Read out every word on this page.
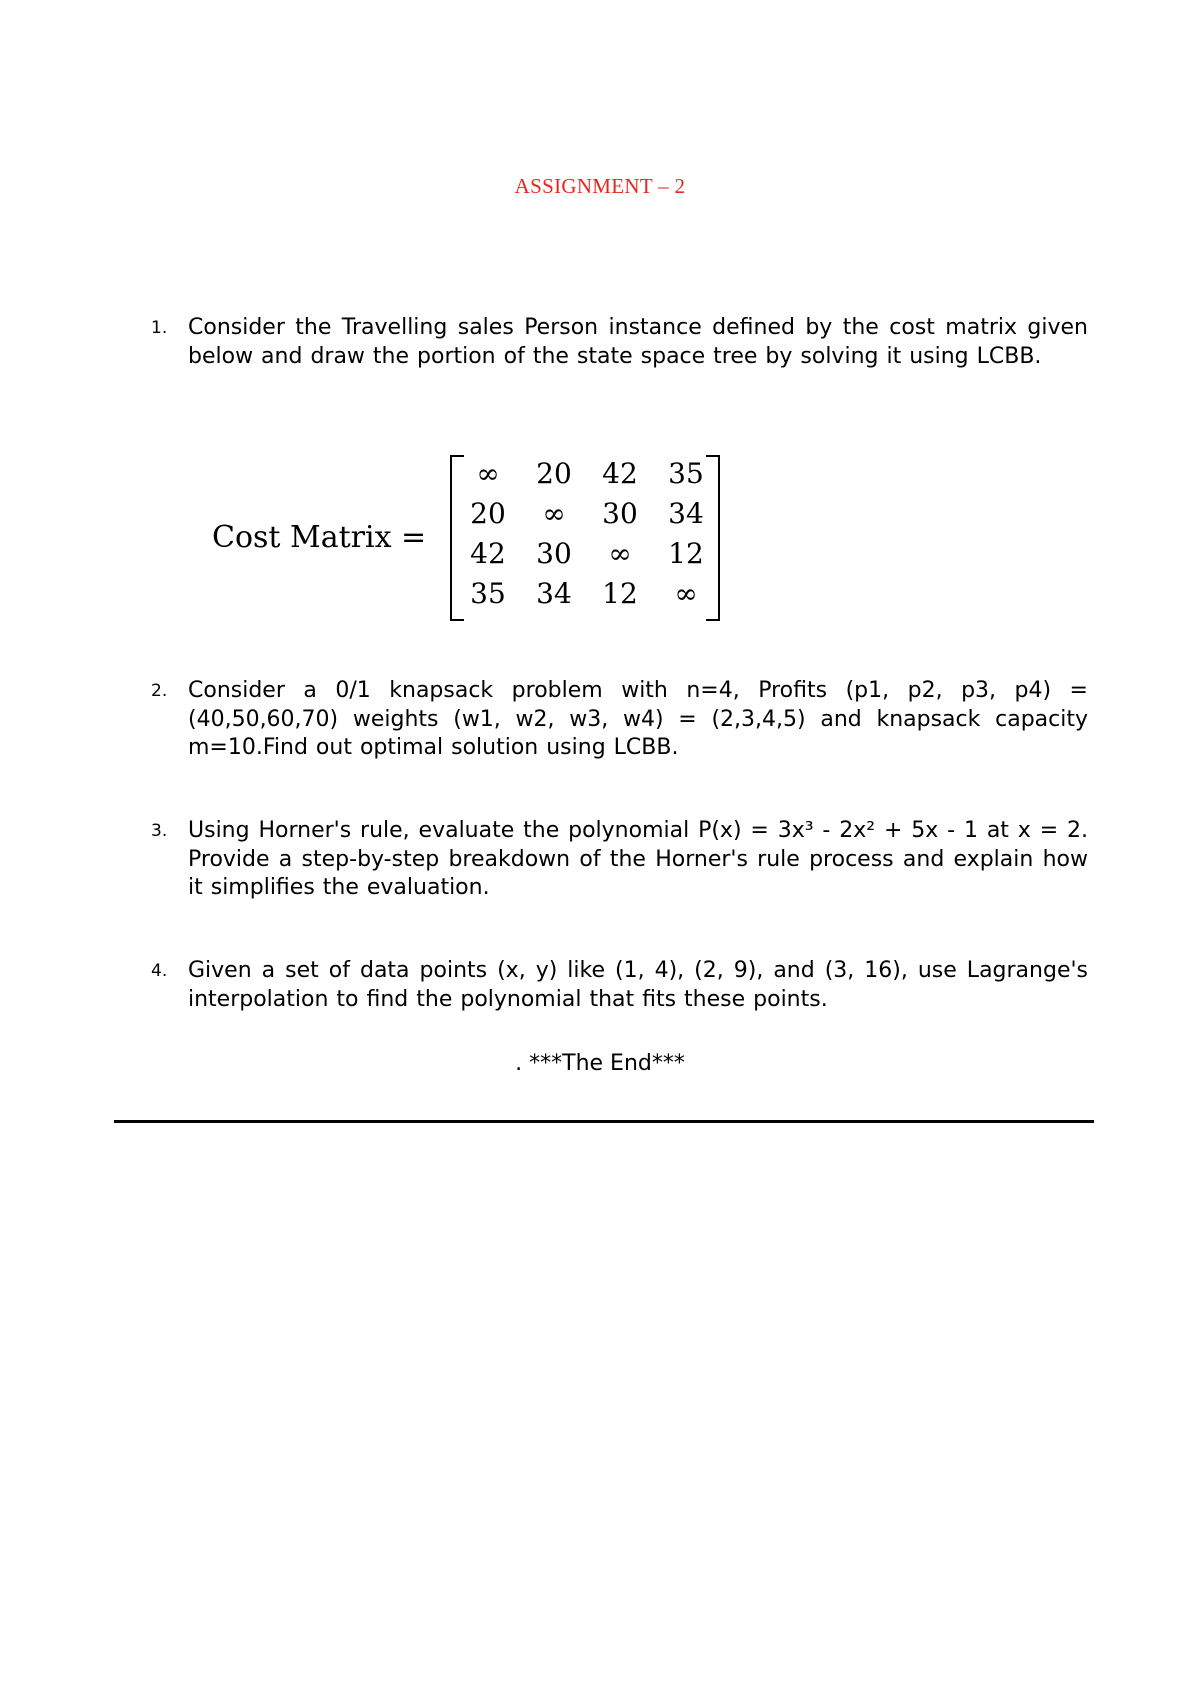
ASSIGNMENT – 2
1. Consider the Travelling sales Person instance defined by the cost matrix given below and draw the portion of the state space tree by solving it using LCBB.
Cost Matrix =
∞	20	42	35
20	∞	30	34
42	30	∞	12
35	34	12	∞
2. Consider a 0/1 knapsack problem with n=4, Profits (p1, p2, p3, p4) = (40,50,60,70) weights (w1, w2, w3, w4) = (2,3,4,5) and knapsack capacity m=10.Find out optimal solution using LCBB.
3. Using Horner's rule, evaluate the polynomial P(x) = 3x³ - 2x² + 5x - 1 at x = 2. Provide a step-by-step breakdown of the Horner's rule process and explain how it simplifies the evaluation.
4. Given a set of data points (x, y) like (1, 4), (2, 9), and (3, 16), use Lagrange's interpolation to find the polynomial that fits these points.
. ***The End***
